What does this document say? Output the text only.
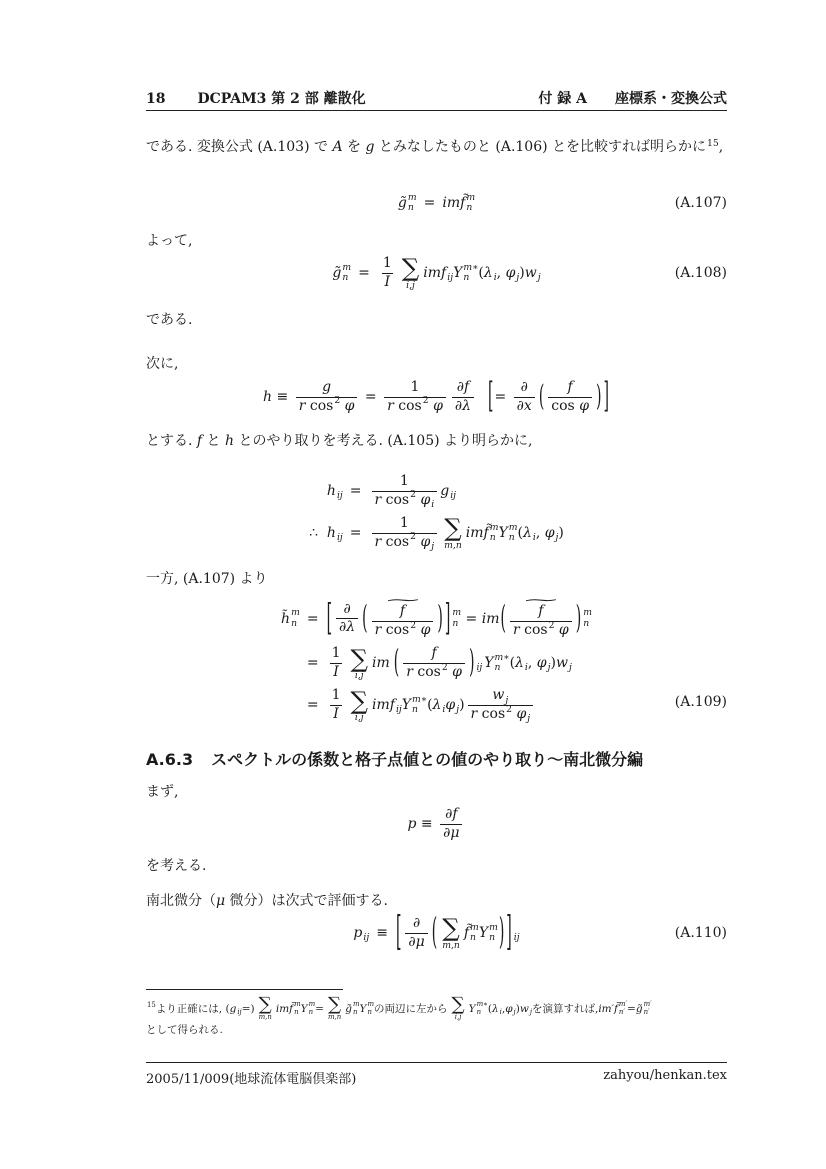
18 DCPAM3 第 2 部 離散化	付 録 A　　座標系・変換公式
である. 変換公式 (A.103) で A を g とみなしたものと (A.106) とを比較すれば明らかに 15 ,
g̃ m
n = im f̃ m
n	(A.107)
よって,
g̃ m
n =
1
I ∑
i,j
im f ij Y m∗
n ( λ i , φ j ) w j	(A.108)
である.
次に,
$h \equiv \frac{g}{\text{r cos 2 φ}} = \frac{1}{\text{r cos 2 φ}} \partial f$
∂λ [ =
∂
∂x ( f
cos φ ) ]
とする. f と h とのやり取りを考える. (A.105) より明らかに,
h ij =
1
r cos 2 φ i
g ij
∴ h ij =
1
r cos 2 φ j
∑
m,n
im f̃ m
n Y m
n ( λ i , φ j )
一方, (A.107) より
h̃ m
n = [ ∂
∂λ (
∼
f
r cos 2 φ ) ] m
n = im (
∼
f
r cos 2 φ ) m
n
=
1
I ∑
i,j
im ( f
r cos 2 φ ) ij Y m∗
n ( λ i , φ j ) w j
=
1
I ∑
i,j
im f ij Y m∗
n ( λ i φ j )
w j
r cos 2 φ j
(A.109)
A.6.3 スペクトルの係数と格子点値との値のやり取り〜南北微分編
まず,
p ≡
∂f
∂μ
を考える.
南北微分（μ 微分）は次式で評価する.
p ij ≡ [ ∂
∂μ ( ∑
m,n
f̃ m
n Y m
n ) ] ij	(A.110)
15 より正確には, ( g ij =) ∑
m,n
im f̃ m
n Y m
n = ∑
m,n
g̃ m
n Y m
n の両辺に左から ∑
i,j
Y m∗
n ( λ i , φ j ) w j を演算すれば, im′ f̃ m′
n′ = g̃ m′
n′
として得られる.
2005/11/009(地球流体電脳倶楽部)	zahyou/henkan.tex
